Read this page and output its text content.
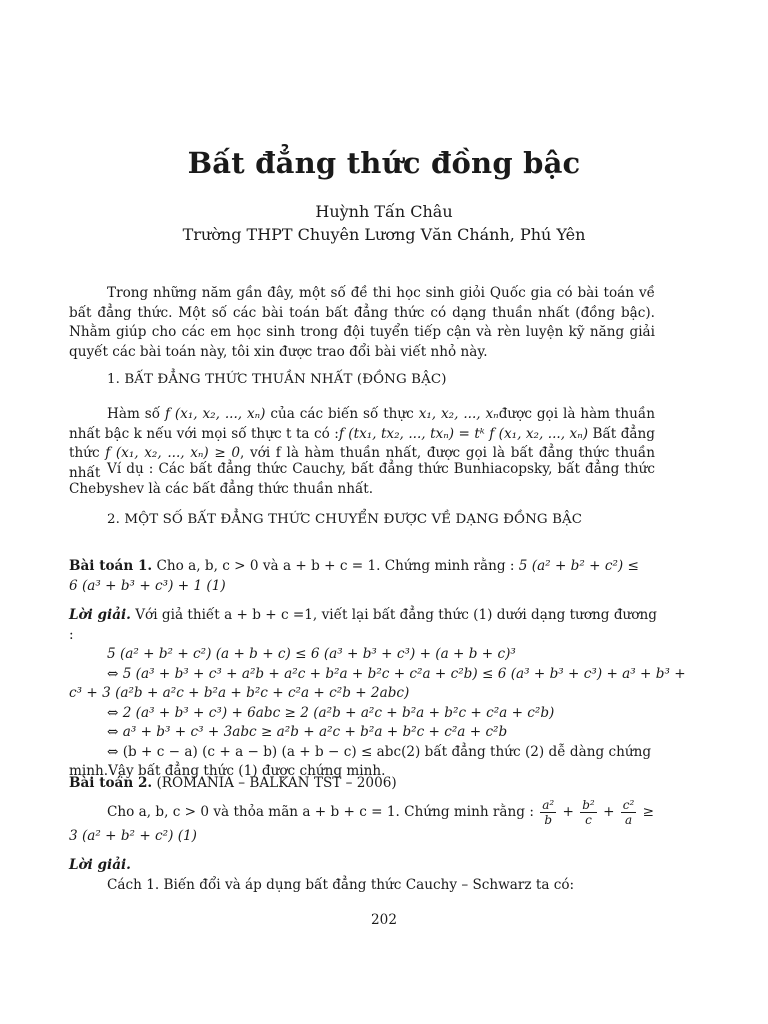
Bất đẳng thức đồng bậc
Huỳnh Tấn Châu
Trường THPT Chuyên Lương Văn Chánh, Phú Yên
Trong những năm gần đây, một số đề thi học sinh giỏi Quốc gia có bài toán về bất đẳng thức. Một số các bài toán bất đẳng thức có dạng thuần nhất (đồng bậc). Nhằm giúp cho các em học sinh trong đội tuyển tiếp cận và rèn luyện kỹ năng giải quyết các bài toán này, tôi xin được trao đổi bài viết nhỏ này.
1. BẤT ĐẲNG THỨC THUẦN NHẤT (ĐỒNG BẬC)
Hàm số f (x₁, x₂, ..., xₙ) của các biến số thực x₁, x₂, ..., xₙđược gọi là hàm thuần nhất bậc k nếu với mọi số thực t ta có :f (tx₁, tx₂, ..., txₙ) = tᵏ f (x₁, x₂, ..., xₙ) Bất đẳng thức f (x₁, x₂, ..., xₙ) ≥ 0, với f là hàm thuần nhất, được gọi là bất đẳng thức thuần nhất Ví dụ : Các bất đẳng thức Cauchy, bất đẳng thức Bunhiacopsky, bất đẳng thức Chebyshev là các bất đẳng thức thuần nhất.
2. MỘT SỐ BẤT ĐẲNG THỨC CHUYỂN ĐƯỢC VỀ DẠNG ĐỒNG BẬC
Bài toán 1. Cho a, b, c > 0 và a + b + c = 1. Chứng minh rằng : 5 (a² + b² + c²) ≤
6 (a³ + b³ + c³) + 1 (1)
Lời giải. Với giả thiết a + b + c =1, viết lại bất đẳng thức (1) dưới dạng tương đương
:
5 (a² + b² + c²) (a + b + c) ≤ 6 (a³ + b³ + c³) + (a + b + c)³
⇔ 5 (a³ + b³ + c³ + a²b + a²c + b²a + b²c + c²a + c²b) ≤ 6 (a³ + b³ + c³) + a³ + b³ +
c³ + 3 (a²b + a²c + b²a + b²c + c²a + c²b + 2abc)
⇔ 2 (a³ + b³ + c³) + 6abc ≥ 2 (a²b + a²c + b²a + b²c + c²a + c²b)
⇔ a³ + b³ + c³ + 3abc ≥ a²b + a²c + b²a + b²c + c²a + c²b
⇔ (b + c − a) (c + a − b) (a + b − c) ≤ abc(2) bất đẳng thức (2) dễ dàng chứng
minh.Vậy bất đẳng thức (1) được chứng minh.
Bài toán 2. (ROMANIA – BALKAN TST – 2006)
Cho a, b, c > 0 và thỏa mãn a + b + c = 1. Chứng minh rằng : $\frac{\text{a²}}{b} + \frac{\text{b²}}{c} + \frac{\text{c²}}{a}$ ≥
3 (a² + b² + c²) (1)
Lời giải.
Cách 1. Biến đổi và áp dụng bất đẳng thức Cauchy – Schwarz ta có:
202
